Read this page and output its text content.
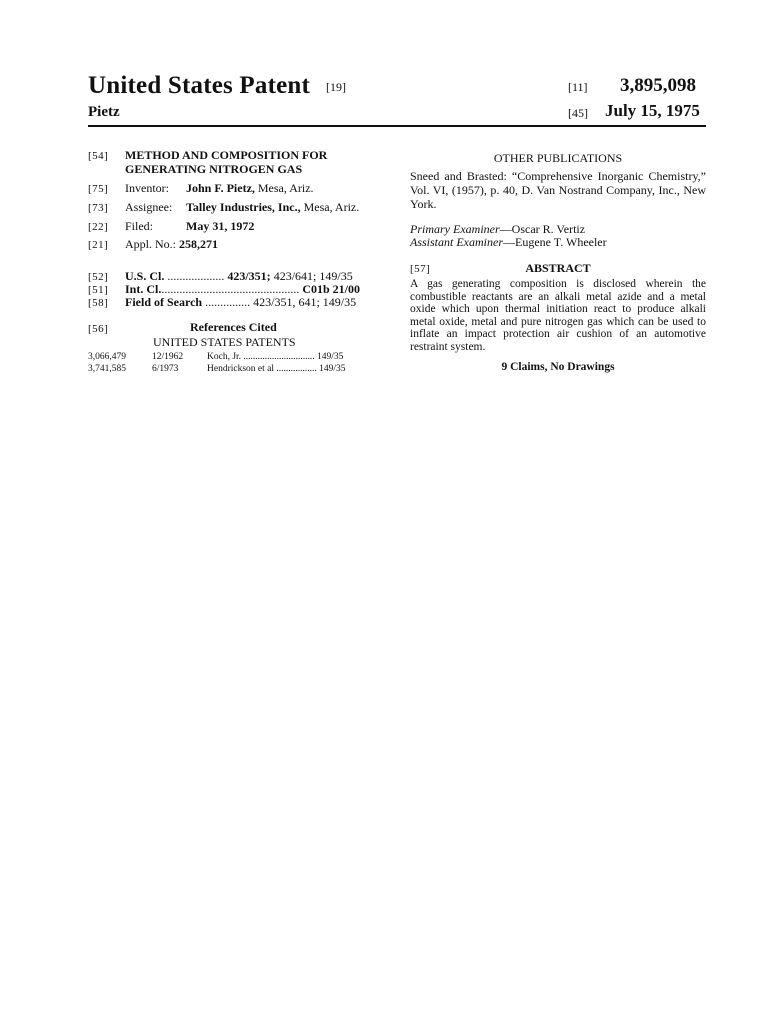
United States Patent [19]	[11] 3,895,098
Pietz	[45] July 15, 1975
[54] METHOD AND COMPOSITION FOR
GENERATING NITROGEN GAS
[75] Inventor: John F. Pietz, Mesa, Ariz.
[73] Assignee: Talley Industries, Inc., Mesa, Ariz.
[22] Filed:	May 31, 1972
[21] Appl. No.: 258,271
[52] U.S. Cl. ................... 423/351; 423/641; 149/35
[51] Int. Cl............................................... C01b 21/00
[58] Field of Search ............... 423/351, 641; 149/35
[56]	References Cited
UNITED STATES PATENTS
3,066,479	12/1962	Koch, Jr. .............................. 149/35
3,741,585	6/1973	Hendrickson et al ................. 149/35
OTHER PUBLICATIONS
Sneed and Brasted: “Comprehensive Inorganic Chemistry,” Vol. VI, (1957), p. 40, D. Van Nostrand Company, Inc., New York.
Primary Examiner—Oscar R. Vertiz
Assistant Examiner—Eugene T. Wheeler
[57]	ABSTRACT
A gas generating composition is disclosed wherein the combustible reactants are an alkali metal azide and a metal oxide which upon thermal initiation react to produce alkali metal oxide, metal and pure nitrogen gas which can be used to inflate an impact protection air cushion of an automotive restraint system.
9 Claims, No Drawings
